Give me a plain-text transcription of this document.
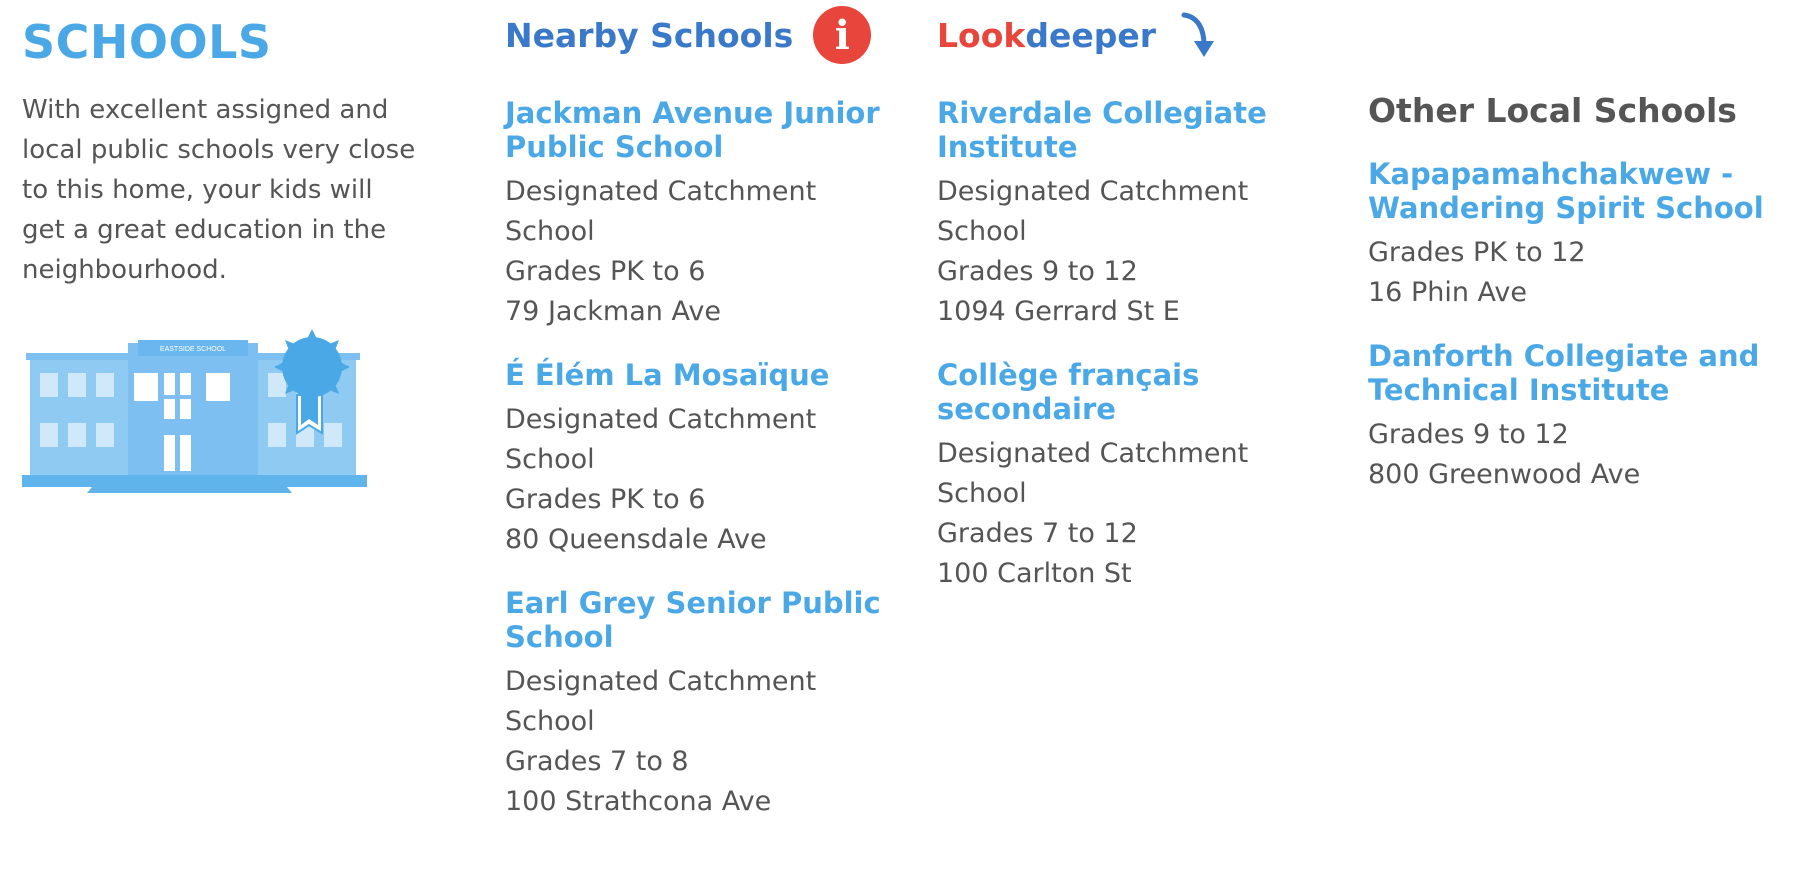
SCHOOLS
With excellent assigned and local public schools very close to this home, your kids will get a great education in the neighbourhood.
EASTSIDE SCHOOL
Nearby Schools	i
Jackman Avenue Junior Public School
Designated Catchment School
Grades PK to 6
79 Jackman Ave
É Élém La Mosaïque
Designated Catchment School
Grades PK to 6
80 Queensdale Ave
Earl Grey Senior Public School
Designated Catchment School
Grades 7 to 8
100 Strathcona Ave
Look deeper
Riverdale Collegiate Institute
Designated Catchment School
Grades 9 to 12
1094 Gerrard St E
Collège français secondaire
Designated Catchment School
Grades 7 to 12
100 Carlton St
Other Local Schools
Kapapamahchakwew - Wandering Spirit School
Grades PK to 12
16 Phin Ave
Danforth Collegiate and Technical Institute
Grades 9 to 12
800 Greenwood Ave
